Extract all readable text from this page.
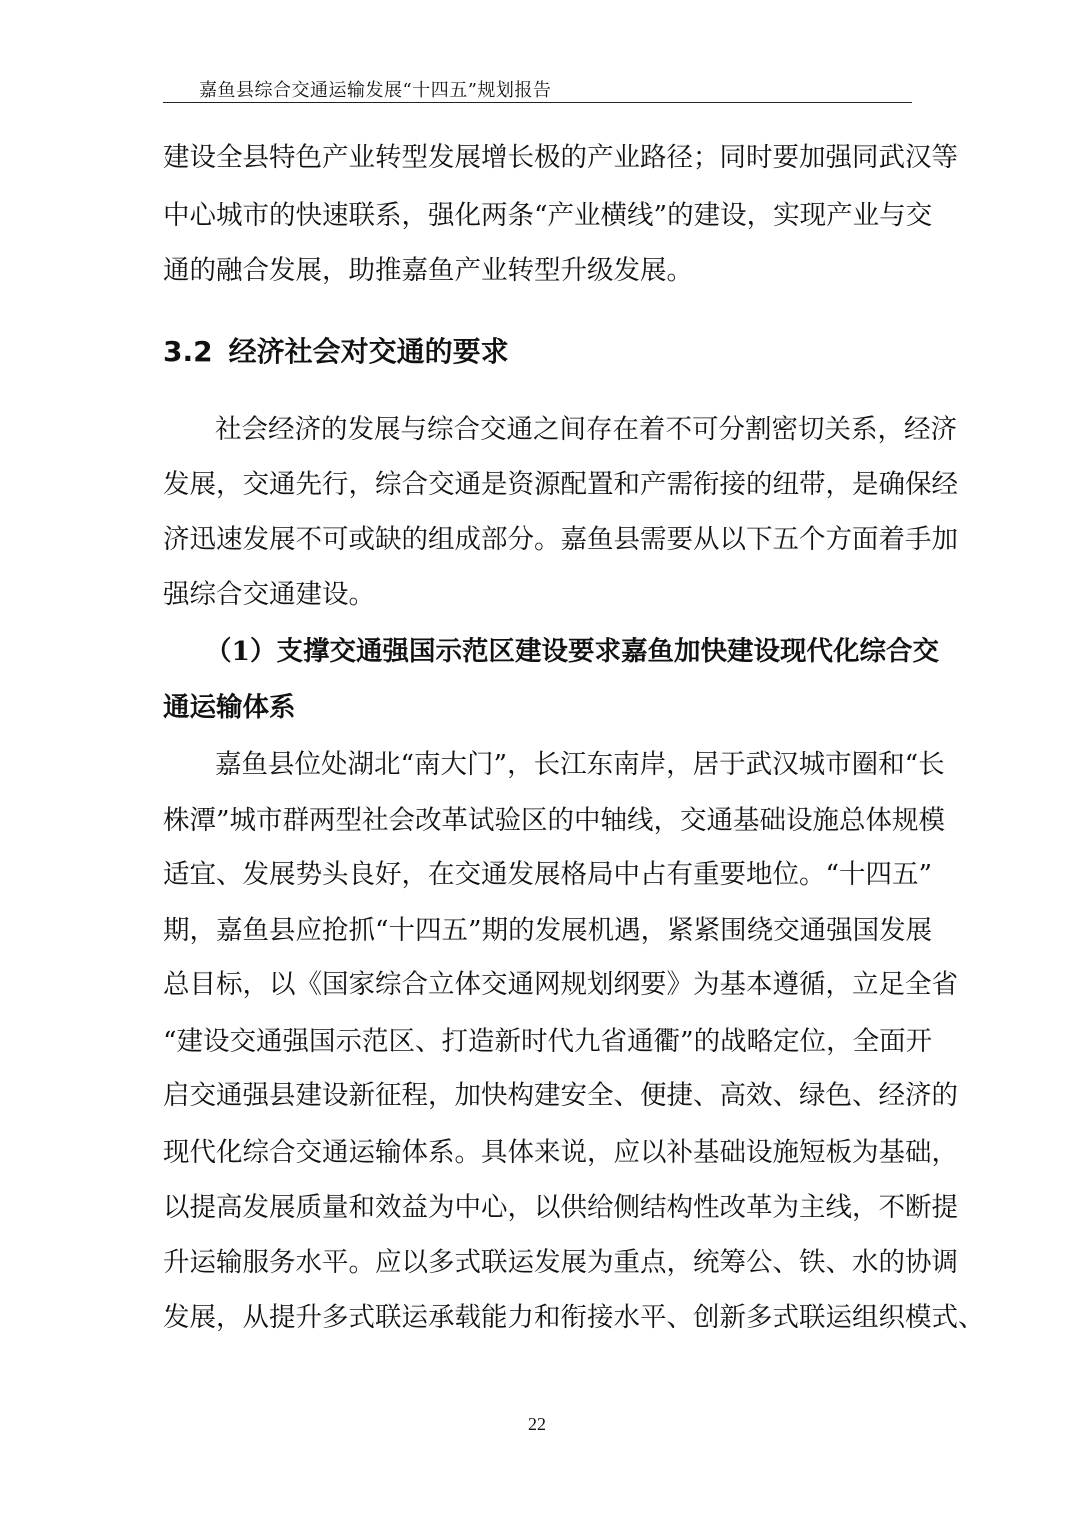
嘉鱼县综合交通运输发展“十四五”规划报告
建设全县特色产业转型发展增长极的产业路径；同时要加强同武汉等
中心城市的快速联系，强化两条“产业横线”的建设，实现产业与交
通的融合发展，助推嘉鱼产业转型升级发展。
3.2 经济社会对交通的要求
社会经济的发展与综合交通之间存在着不可分割密切关系，经济
发展，交通先行，综合交通是资源配置和产需衔接的纽带，是确保经
济迅速发展不可或缺的组成部分。嘉鱼县需要从以下五个方面着手加
强综合交通建设。
（1）支撑交通强国示范区建设要求嘉鱼加快建设现代化综合交
通运输体系
嘉鱼县位处湖北“南大门”，长江东南岸，居于武汉城市圈和“长
株潭”城市群两型社会改革试验区的中轴线，交通基础设施总体规模
适宜、发展势头良好，在交通发展格局中占有重要地位。“十四五”
期，嘉鱼县应抢抓“十四五”期的发展机遇，紧紧围绕交通强国发展
总目标，以《国家综合立体交通网规划纲要》为基本遵循，立足全省
“建设交通强国示范区、打造新时代九省通衢”的战略定位，全面开
启交通强县建设新征程，加快构建安全、便捷、高效、绿色、经济的
现代化综合交通运输体系。具体来说，应以补基础设施短板为基础，
以提高发展质量和效益为中心，以供给侧结构性改革为主线，不断提
升运输服务水平。应以多式联运发展为重点，统筹公、铁、水的协调
发展，从提升多式联运承载能力和衔接水平、创新多式联运组织模式、
22
